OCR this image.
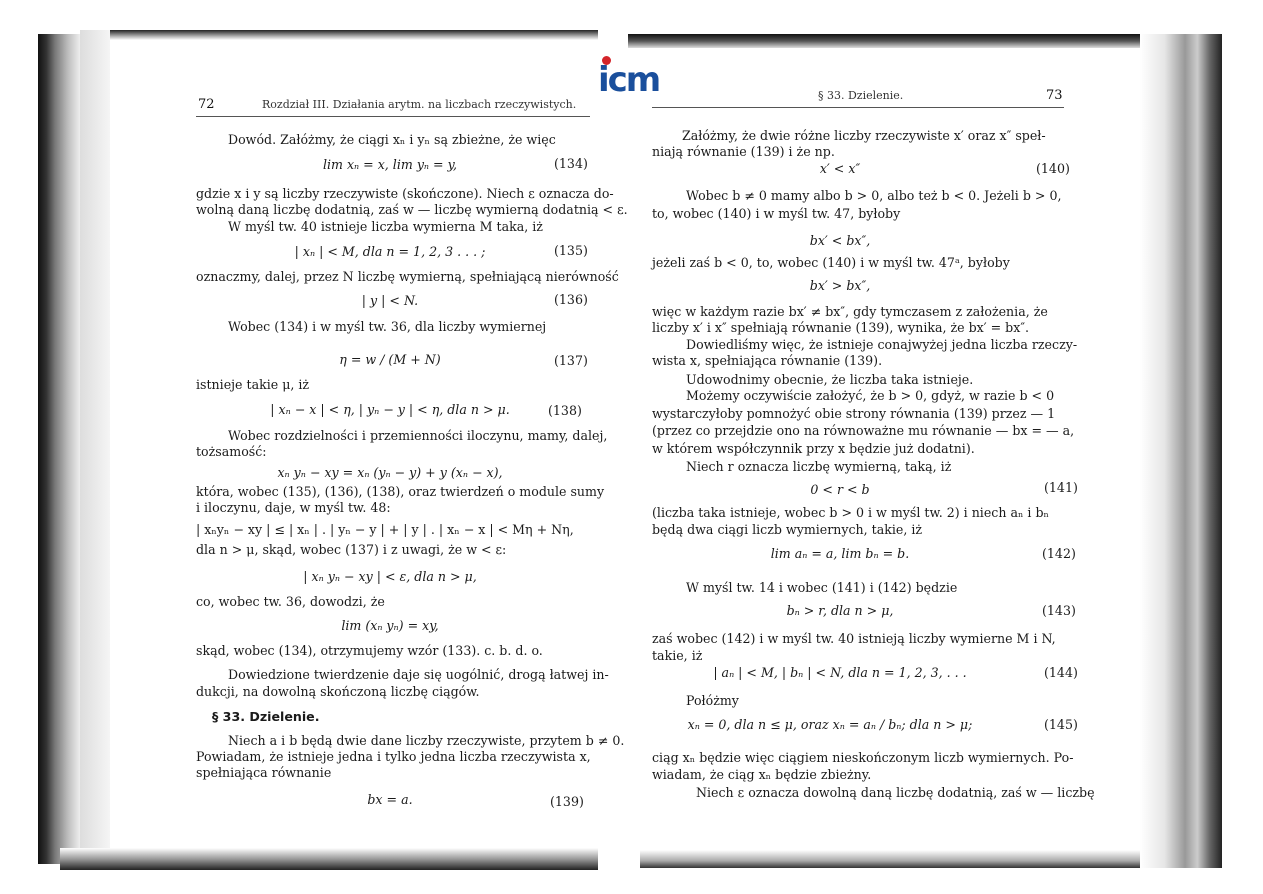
icm
72	Rozdział III. Działania arytm. na liczbach rzeczywistych.
Dowód. Załóżmy, że ciągi xₙ i yₙ są zbieżne, że więc
lim xₙ = x, lim yₙ = y,
gdzie x i y są liczby rzeczywiste (skończone). Niech ε oznacza do-
wolną daną liczbę dodatnią, zaś w — liczbę wymierną dodatnią < ε.
W myśl tw. 40 istnieje liczba wymierna M taka, iż
| xₙ | < M, dla n = 1, 2, 3 . . . ;
oznaczmy, dalej, przez N liczbę wymierną, spełniającą nierówność
| y | < N.
Wobec (134) i w myśl tw. 36, dla liczby wymiernej
η = w / (M + N)
istnieje takie μ, iż
| xₙ − x | < η, | yₙ − y | < η, dla n > μ.
Wobec rozdzielności i przemienności iloczynu, mamy, dalej,
tożsamość:
xₙ yₙ − xy = xₙ (yₙ − y) + y (xₙ − x),
która, wobec (135), (136), (138), oraz twierdzeń o module sumy
i iloczynu, daje, w myśl tw. 48:
| xₙyₙ − xy | ≤ | xₙ | . | yₙ − y | + | y | . | xₙ − x | < Mη + Nη,
dla n > μ, skąd, wobec (137) i z uwagi, że w < ε:
| xₙ yₙ − xy | < ε, dla n > μ,
co, wobec tw. 36, dowodzi, że
lim (xₙ yₙ) = xy,
skąd, wobec (134), otrzymujemy wzór (133). c. b. d. o.
Dowiedzione twierdzenie daje się uogólnić, drogą łatwej in-
dukcji, na dowolną skończoną liczbę ciągów.
§ 33. Dzielenie.
Niech a i b będą dwie dane liczby rzeczywiste, przytem b ≠ 0.
Powiadam, że istnieje jedna i tylko jedna liczba rzeczywista x,
spełniająca równanie
bx = a.
(134)
(135)
(136)
(137)
(138)
(139)
§ 33. Dzielenie.	73
Załóżmy, że dwie różne liczby rzeczywiste x′ oraz x″ speł-
niają równanie (139) i że np.
x′ < x″
Wobec b ≠ 0 mamy albo b > 0, albo też b < 0. Jeżeli b > 0,
to, wobec (140) i w myśl tw. 47, byłoby
bx′ < bx″,
jeżeli zaś b < 0, to, wobec (140) i w myśl tw. 47ᵃ, byłoby
bx′ > bx″,
więc w każdym razie bx′ ≠ bx″, gdy tymczasem z założenia, że
liczby x′ i x″ spełniają równanie (139), wynika, że bx′ = bx″.
Dowiedliśmy więc, że istnieje conajwyżej jedna liczba rzeczy-
wista x, spełniająca równanie (139).
Udowodnimy obecnie, że liczba taka istnieje.
Możemy oczywiście założyć, że b > 0, gdyż, w razie b < 0
wystarczyłoby pomnożyć obie strony równania (139) przez — 1
(przez co przejdzie ono na równoważne mu równanie — bx = — a,
w którem współczynnik przy x będzie już dodatni).
Niech r oznacza liczbę wymierną, taką, iż
0 < r < b
(liczba taka istnieje, wobec b > 0 i w myśl tw. 2) i niech aₙ i bₙ
będą dwa ciągi liczb wymiernych, takie, iż
lim aₙ = a, lim bₙ = b.
W myśl tw. 14 i wobec (141) i (142) będzie
bₙ > r, dla n > μ,
zaś wobec (142) i w myśl tw. 40 istnieją liczby wymierne M i N,
takie, iż
| aₙ | < M, | bₙ | < N, dla n = 1, 2, 3, . . .
Połóżmy
xₙ = 0, dla n ≤ μ, oraz xₙ = aₙ / bₙ; dla n > μ;
ciąg xₙ będzie więc ciągiem nieskończonym liczb wymiernych. Po-
wiadam, że ciąg xₙ będzie zbieżny.
Niech ε oznacza dowolną daną liczbę dodatnią, zaś w — liczbę
(140)
(141)
(142)
(143)
(144)
(145)
